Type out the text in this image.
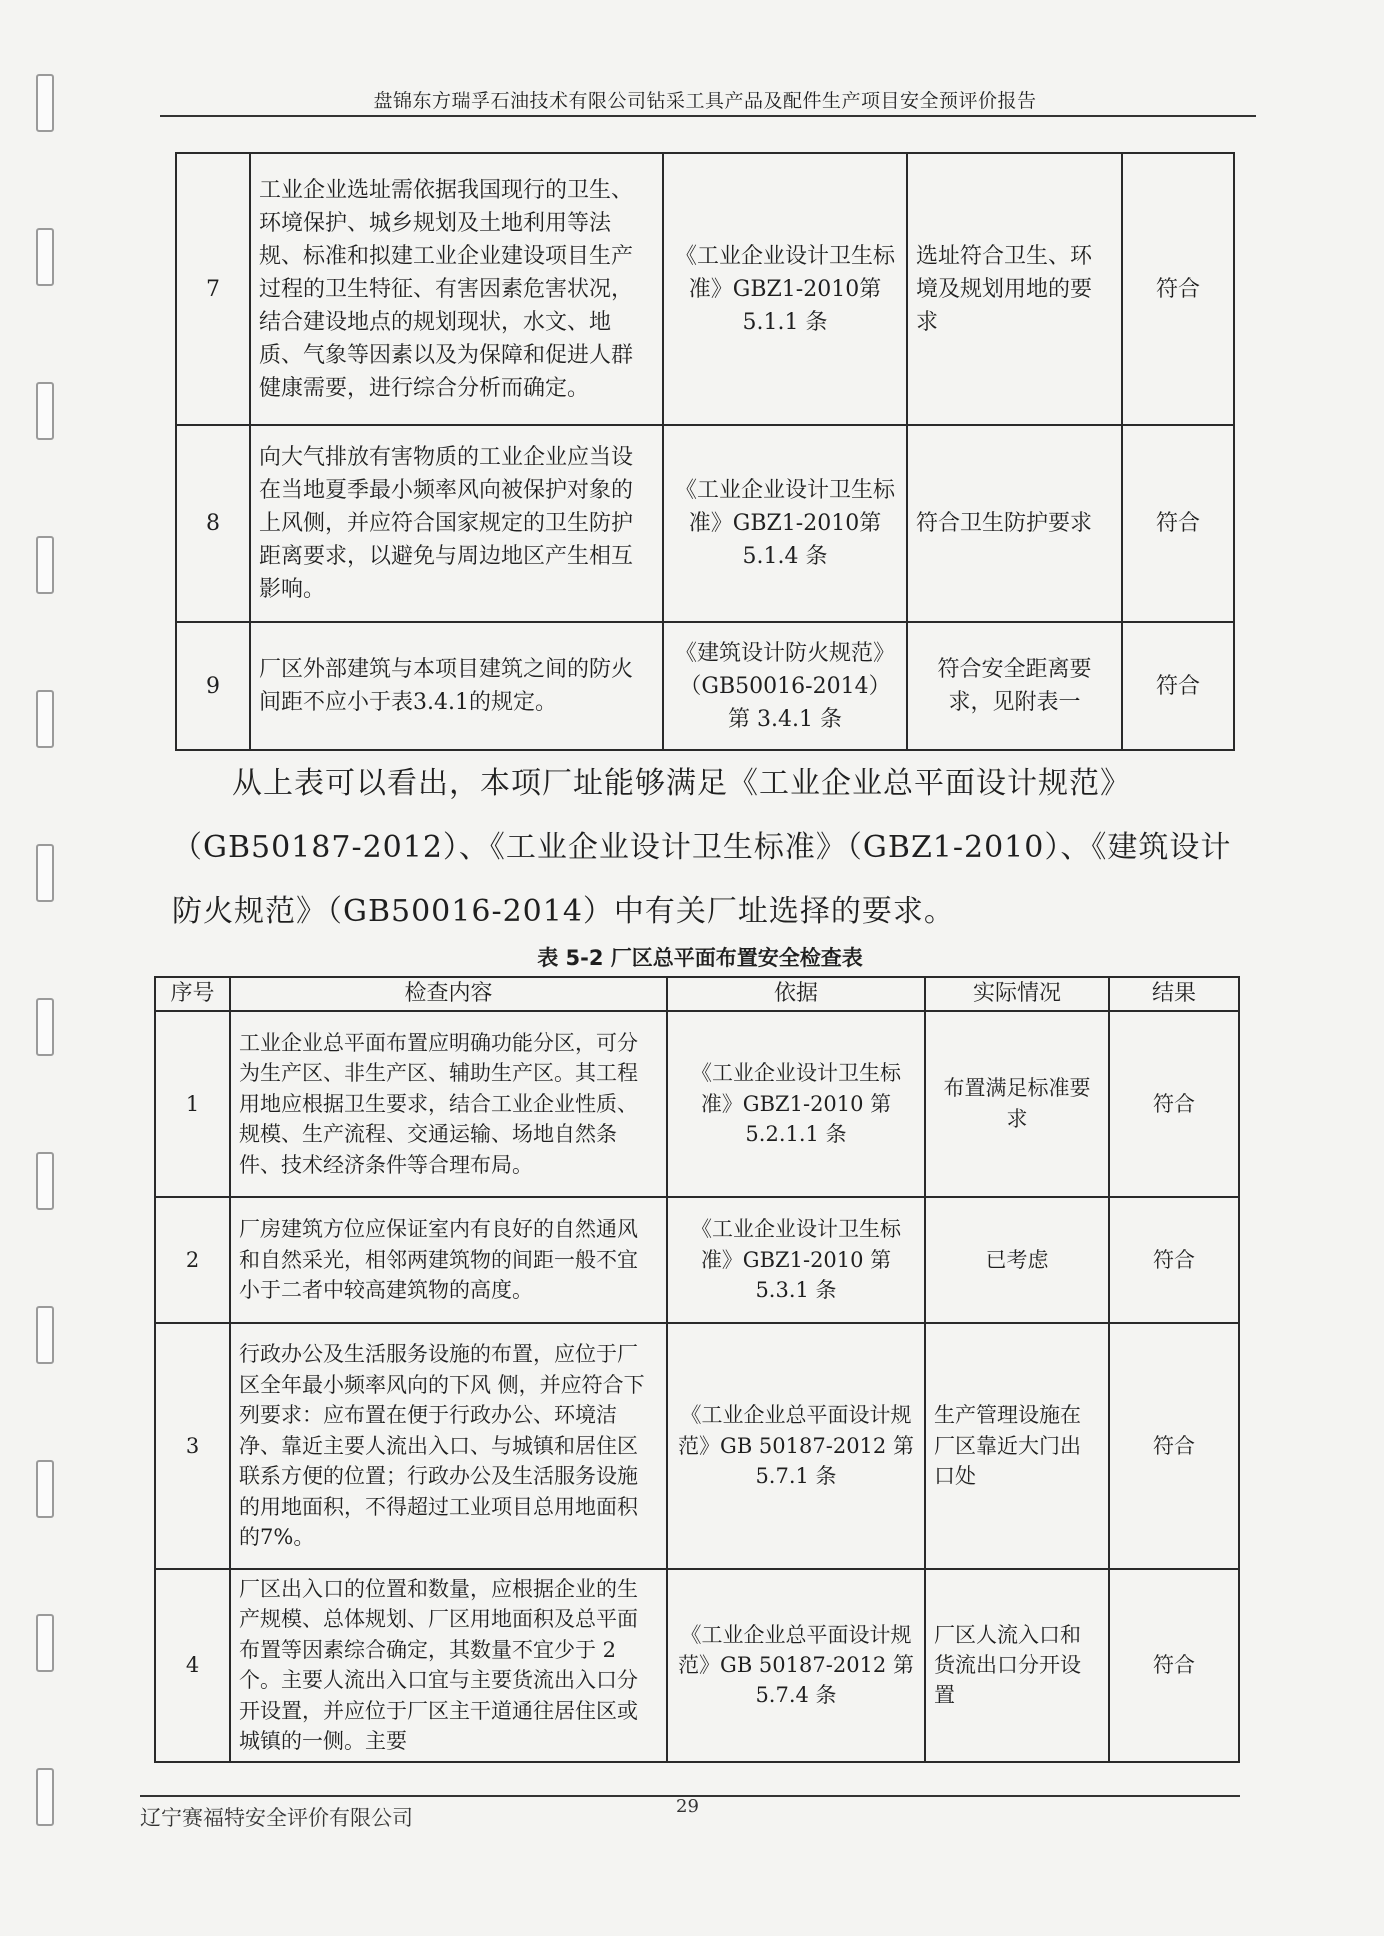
盘锦东方瑞孚石油技术有限公司钻采工具产品及配件生产项目安全预评价报告
7	工业企业选址需依据我国现行的卫生、环境保护、城乡规划及土地利用等法规、标准和拟建工业企业建设项目生产过程的卫生特征、有害因素危害状况，结合建设地点的规划现状，水文、地质、气象等因素以及为保障和促进人群健康需要，进行综合分析而确定。	《工业企业设计卫生标准》GBZ1-2010第 5.1.1 条	选址符合卫生、环境及规划用地的要求	符合
8	向大气排放有害物质的工业企业应当设在当地夏季最小频率风向被保护对象的上风侧，并应符合国家规定的卫生防护距离要求，以避免与周边地区产生相互影响。	《工业企业设计卫生标准》GBZ1-2010第 5.1.4 条	符合卫生防护要求	符合
9	厂区外部建筑与本项目建筑之间的防火间距不应小于表3.4.1的规定。	《建筑设计防火规范》（GB50016-2014）第 3.4.1 条	符合安全距离要求，见附表一	符合
从上表可以看出，本项厂址能够满足《工业企业总平面设计规范》（GB50187-2012）、《工业企业设计卫生标准》（GBZ1-2010）、《建筑设计防火规范》（GB50016-2014）中有关厂址选择的要求。
表 5-2 厂区总平面布置安全检查表
序号	检查内容	依据	实际情况	结果
1	工业企业总平面布置应明确功能分区，可分为生产区、非生产区、辅助生产区。其工程用地应根据卫生要求，结合工业企业性质、规模、生产流程、交通运输、场地自然条件、技术经济条件等合理布局。	《工业企业设计卫生标准》GBZ1-2010 第 5.2.1.1 条	布置满足标准要求	符合
2	厂房建筑方位应保证室内有良好的自然通风和自然采光，相邻两建筑物的间距一般不宜小于二者中较高建筑物的高度。	《工业企业设计卫生标准》GBZ1-2010 第 5.3.1 条	已考虑	符合
3	行政办公及生活服务设施的布置，应位于厂区全年最小频率风向的下风 侧，并应符合下列要求：应布置在便于行政办公、环境洁净、靠近主要人流出入口、与城镇和居住区联系方便的位置；行政办公及生活服务设施的用地面积，不得超过工业项目总用地面积的7%。	《工业企业总平面设计规范》GB 50187-2012 第 5.7.1 条	生产管理设施在厂区靠近大门出口处	符合
4	厂区出入口的位置和数量，应根据企业的生产规模、总体规划、厂区用地面积及总平面布置等因素综合确定，其数量不宜少于 2 个。主要人流出入口宜与主要货流出入口分开设置，并应位于厂区主干道通往居住区或城镇的一侧。主要	《工业企业总平面设计规范》GB 50187-2012 第 5.7.4 条	厂区人流入口和货流出口分开设置	符合
辽宁赛福特安全评价有限公司	29
